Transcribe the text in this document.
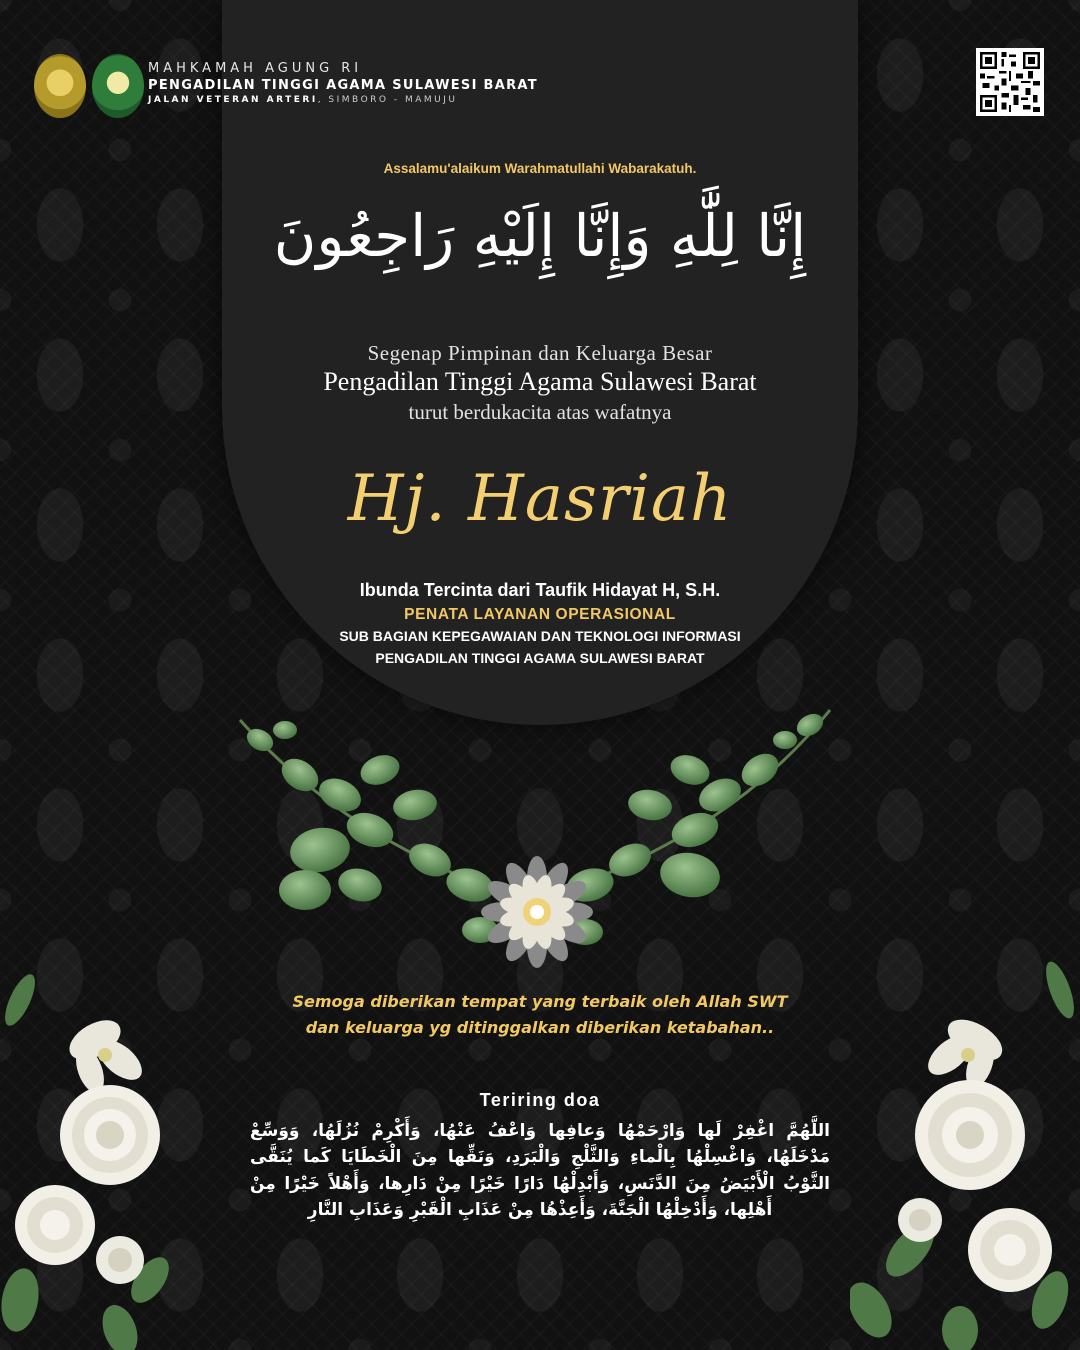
MAHKAMAH AGUNG RI
PENGADILAN TINGGI AGAMA SULAWESI BARAT
JALAN VETERAN ARTERI, SIMBORO - MAMUJU
Assalamu'alaikum Warahmatullahi Wabarakatuh.
إِنَّا لِلَّٰهِ وَإِنَّا إِلَيْهِ رَاجِعُونَ
Segenap Pimpinan dan Keluarga Besar
Pengadilan Tinggi Agama Sulawesi Barat
turut berdukacita atas wafatnya
Hj. Hasriah
Ibunda Tercinta dari Taufik Hidayat H, S.H.
PENATA LAYANAN OPERASIONAL
SUB BAGIAN KEPEGAWAIAN DAN TEKNOLOGI INFORMASI
PENGADILAN TINGGI AGAMA SULAWESI BARAT
Semoga diberikan tempat yang terbaik oleh Allah SWT
dan keluarga yg ditinggalkan diberikan ketabahan..
Teriring doa
اللَّهُمَّ اغْفِرْ لَها وَارْحَمْهُا وَعافِها وَاعْفُ عَنْهُا، وَأَكْرِمْ نُزُلَهُا، وَوَسِّعْ مَدْخَلَهُا، وَاغْسِلْهُا بِالْماءِ وَالثَّلْجِ وَالْبَرَدِ، وَنَقِّها مِنَ الْخَطَايَا كَما يُنَقَّى الثَّوْبُ الْأَبْيَضُ مِنَ الدَّنَسِ، وَأَبْدِلْهُا دَارًا خَيْرًا مِنْ دَارِها، وَأَهْلاً خَيْرًا مِنْ أَهْلِها، وَأَدْخِلْهُا الْجَنَّةَ، وَأَعِذْهُا مِنْ عَذَابِ الْقَبْرِ وَعَذَابِ النَّارِ
